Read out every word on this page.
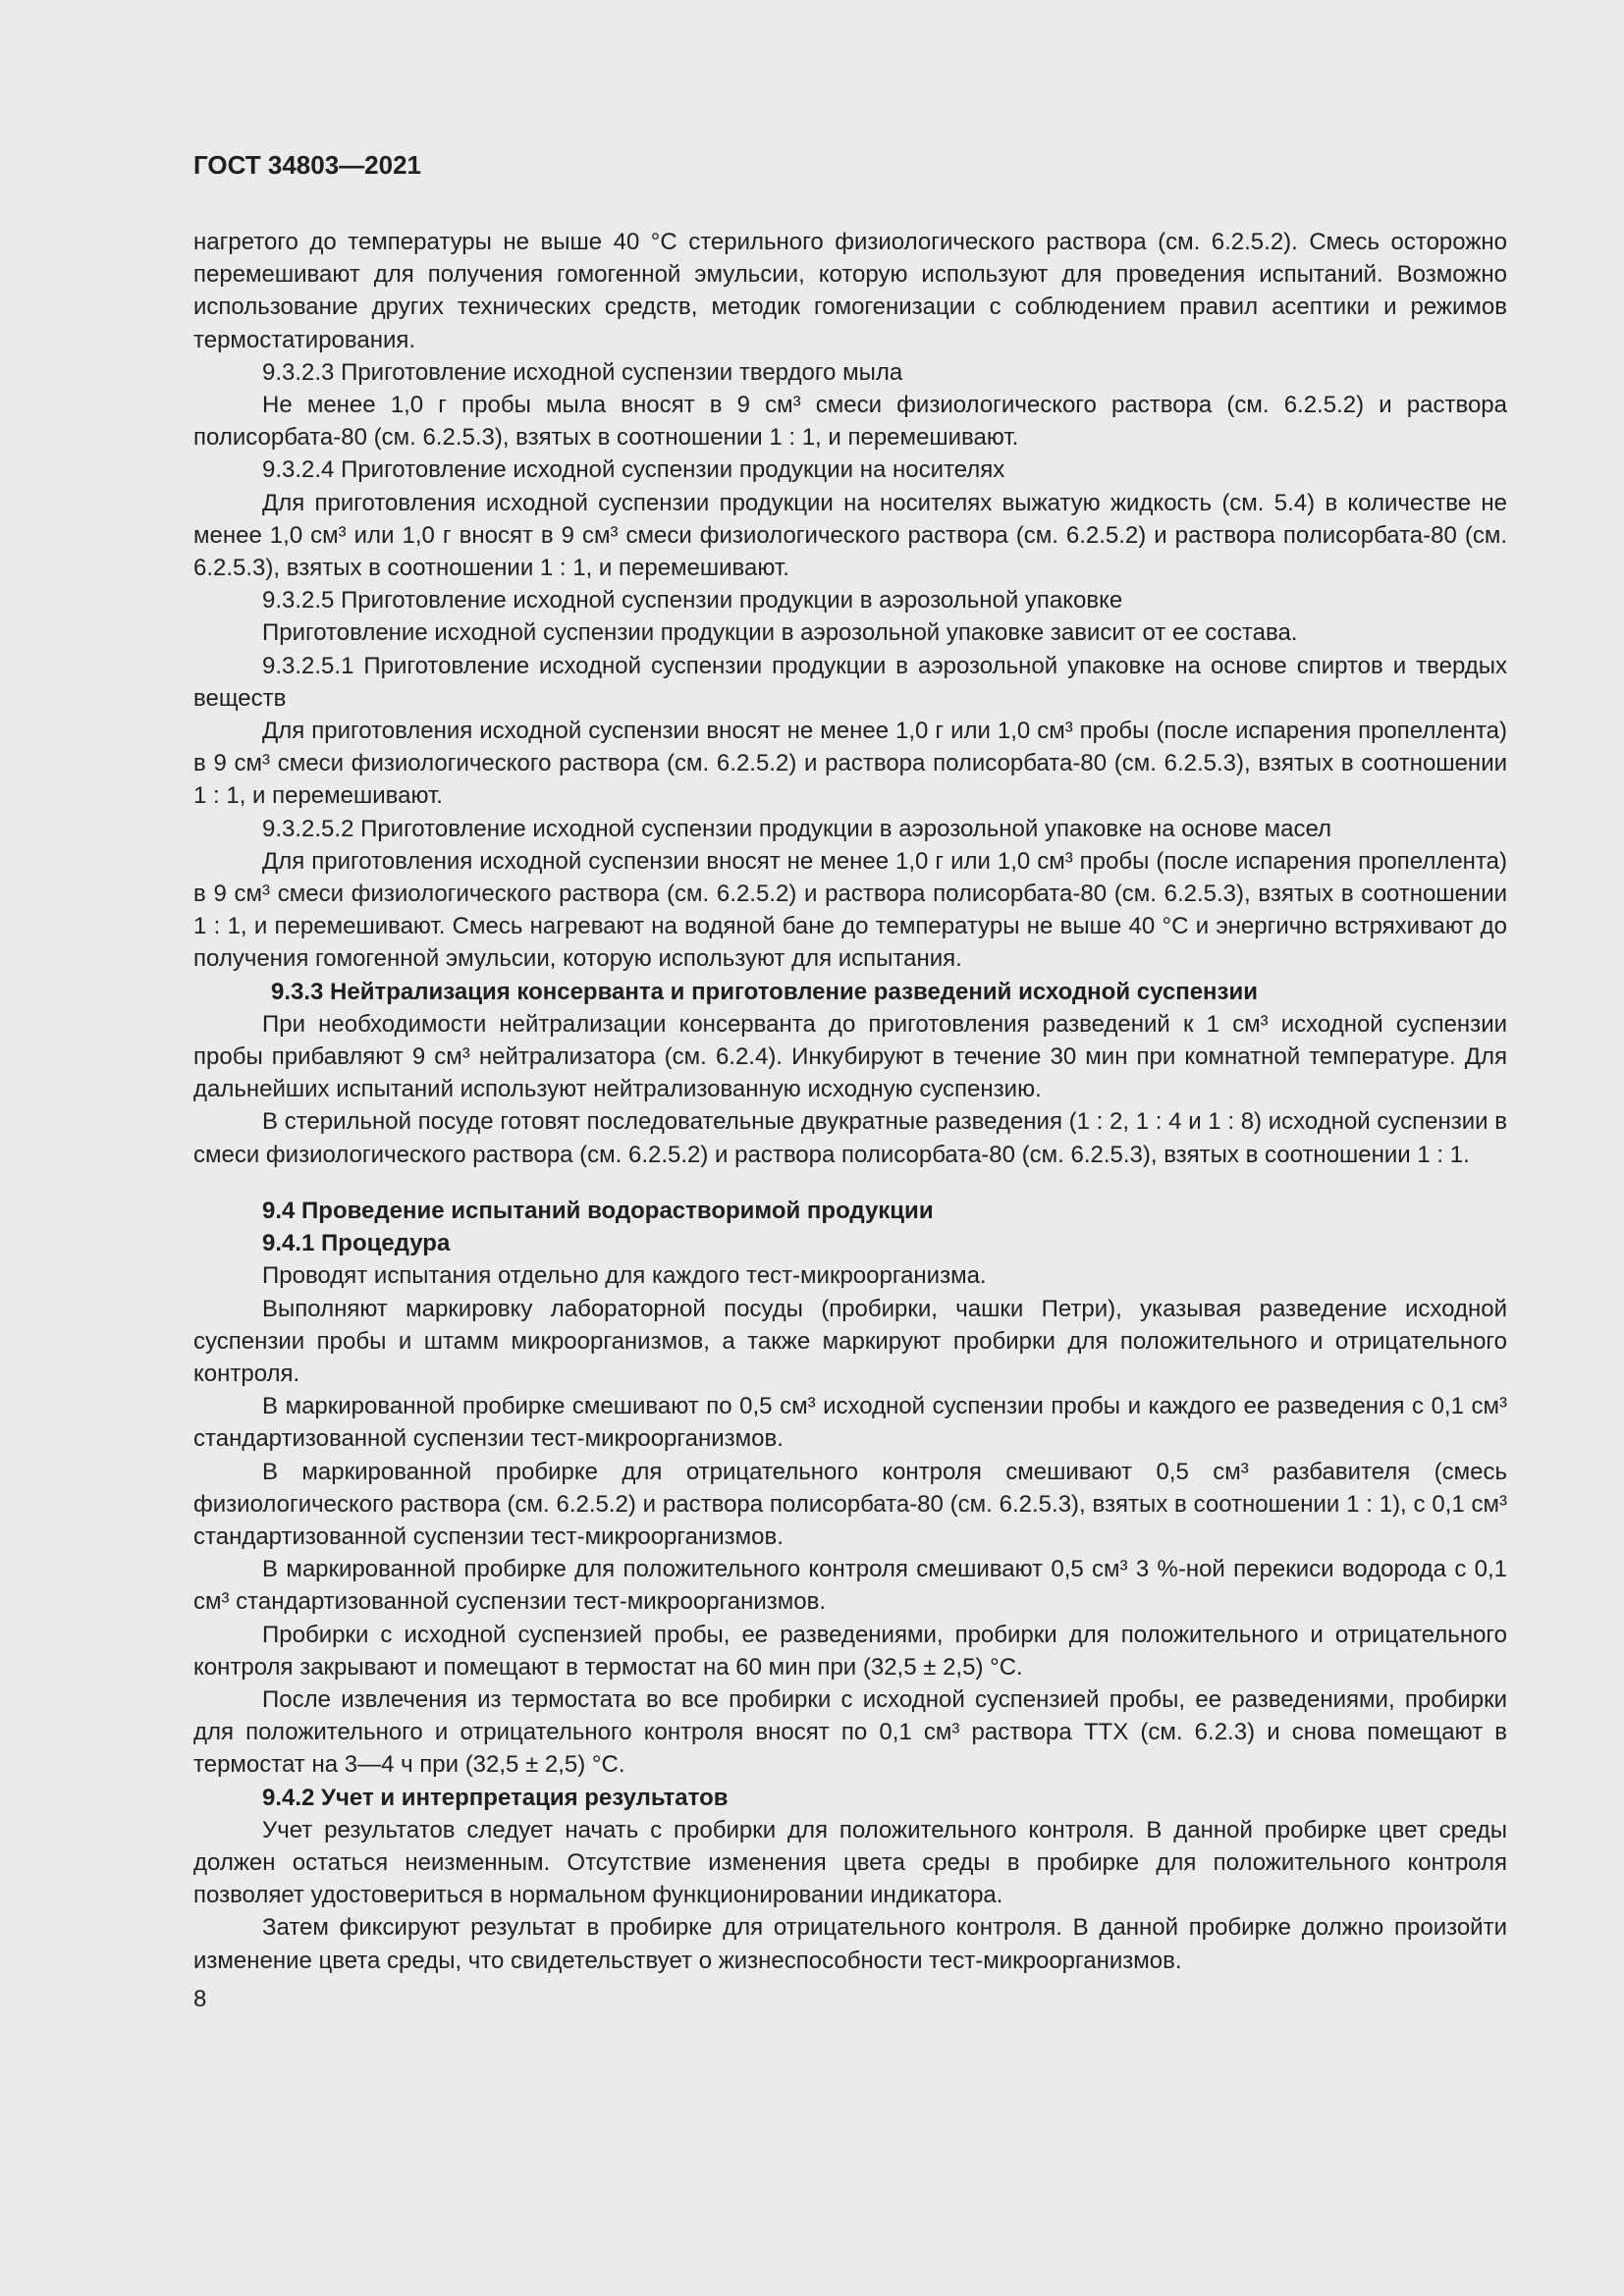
ГОСТ 34803—2021

нагретого до температуры не выше 40 °С стерильного физиологического раствора (см. 6.2.5.2). Смесь осторожно перемешивают для получения гомогенной эмульсии, которую используют для проведения испытаний. Возможно использование других технических средств, методик гомогенизации с соблюдением правил асептики и режимов термостатирования.

9.3.2.3 Приготовление исходной суспензии твердого мыла

Не менее 1,0 г пробы мыла вносят в 9 см³ смеси физиологического раствора (см. 6.2.5.2) и раствора полисорбата-80 (см. 6.2.5.3), взятых в соотношении 1 : 1, и перемешивают.

9.3.2.4 Приготовление исходной суспензии продукции на носителях

Для приготовления исходной суспензии продукции на носителях выжатую жидкость (см. 5.4) в количестве не менее 1,0 см³ или 1,0 г вносят в 9 см³ смеси физиологического раствора (см. 6.2.5.2) и раствора полисорбата-80 (см. 6.2.5.3), взятых в соотношении 1 : 1, и перемешивают.

9.3.2.5 Приготовление исходной суспензии продукции в аэрозольной упаковке

Приготовление исходной суспензии продукции в аэрозольной упаковке зависит от ее состава.

9.3.2.5.1 Приготовление исходной суспензии продукции в аэрозольной упаковке на основе спиртов и твердых веществ

Для приготовления исходной суспензии вносят не менее 1,0 г или 1,0 см³ пробы (после испарения пропеллента) в 9 см³ смеси физиологического раствора (см. 6.2.5.2) и раствора полисорбата-80 (см. 6.2.5.3), взятых в соотношении 1 : 1, и перемешивают.

9.3.2.5.2 Приготовление исходной суспензии продукции в аэрозольной упаковке на основе масел

Для приготовления исходной суспензии вносят не менее 1,0 г или 1,0 см³ пробы (после испарения пропеллента) в 9 см³ смеси физиологического раствора (см. 6.2.5.2) и раствора полисорбата-80 (см. 6.2.5.3), взятых в соотношении 1 : 1, и перемешивают. Смесь нагревают на водяной бане до температуры не выше 40 °С и энергично встряхивают до получения гомогенной эмульсии, которую используют для испытания.

9.3.3 Нейтрализация консерванта и приготовление разведений исходной суспензии

При необходимости нейтрализации консерванта до приготовления разведений к 1 см³ исходной суспензии пробы прибавляют 9 см³ нейтрализатора (см. 6.2.4). Инкубируют в течение 30 мин при комнатной температуре. Для дальнейших испытаний используют нейтрализованную исходную суспензию.

В стерильной посуде готовят последовательные двукратные разведения (1 : 2, 1 : 4 и 1 : 8) исходной суспензии в смеси физиологического раствора (см. 6.2.5.2) и раствора полисорбата-80 (см. 6.2.5.3), взятых в соотношении 1 : 1.

9.4 Проведение испытаний водорастворимой продукции

9.4.1 Процедура

Проводят испытания отдельно для каждого тест-микроорганизма.

Выполняют маркировку лабораторной посуды (пробирки, чашки Петри), указывая разведение исходной суспензии пробы и штамм микроорганизмов, а также маркируют пробирки для положительного и отрицательного контроля.

В маркированной пробирке смешивают по 0,5 см³ исходной суспензии пробы и каждого ее разведения с 0,1 см³ стандартизованной суспензии тест-микроорганизмов.

В маркированной пробирке для отрицательного контроля смешивают 0,5 см³ разбавителя (смесь физиологического раствора (см. 6.2.5.2) и раствора полисорбата-80 (см. 6.2.5.3), взятых в соотношении 1 : 1), с 0,1 см³ стандартизованной суспензии тест-микроорганизмов.

В маркированной пробирке для положительного контроля смешивают 0,5 см³ 3 %-ной перекиси водорода с 0,1 см³ стандартизованной суспензии тест-микроорганизмов.

Пробирки с исходной суспензией пробы, ее разведениями, пробирки для положительного и отрицательного контроля закрывают и помещают в термостат на 60 мин при (32,5 ± 2,5) °С.

После извлечения из термостата во все пробирки с исходной суспензией пробы, ее разведениями, пробирки для положительного и отрицательного контроля вносят по 0,1 см³ раствора ТТХ (см. 6.2.3) и снова помещают в термостат на 3—4 ч при (32,5 ± 2,5) °С.

9.4.2 Учет и интерпретация результатов

Учет результатов следует начать с пробирки для положительного контроля. В данной пробирке цвет среды должен остаться неизменным. Отсутствие изменения цвета среды в пробирке для положительного контроля позволяет удостовериться в нормальном функционировании индикатора.

Затем фиксируют результат в пробирке для отрицательного контроля. В данной пробирке должно произойти изменение цвета среды, что свидетельствует о жизнеспособности тест-микроорганизмов.

8
